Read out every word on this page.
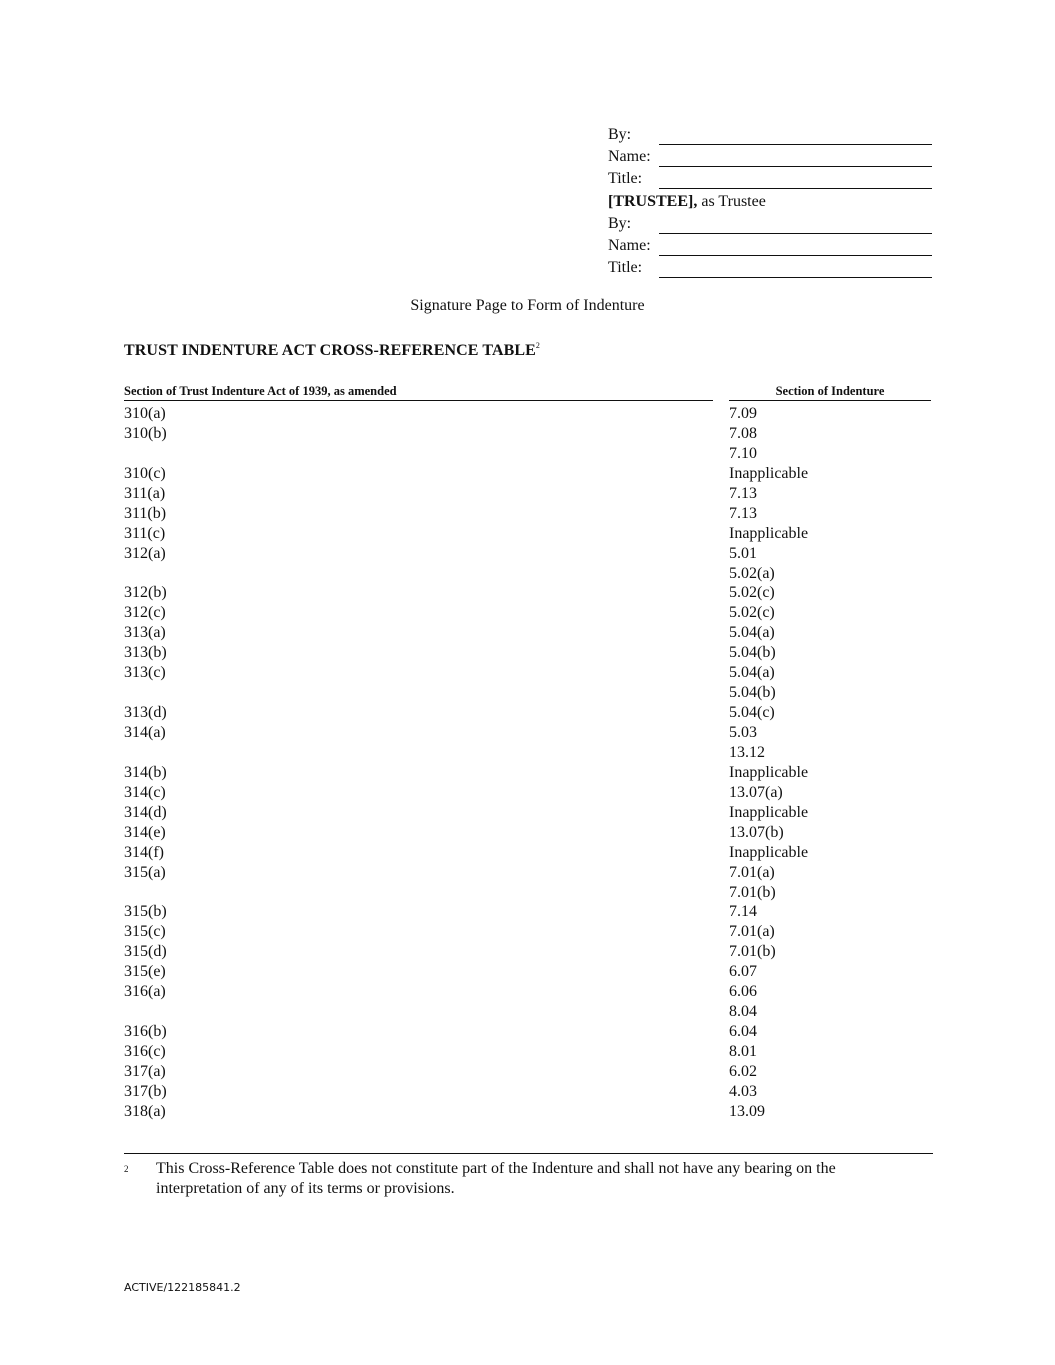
By:
Name:
Title:
[TRUSTEE], as Trustee
By:
Name:
Title:
Signature Page to Form of Indenture
TRUST INDENTURE ACT CROSS-REFERENCE TABLE$^2$
Section of Trust Indenture Act of 1939, as amended	Section of Indenture
310(a)	7.09
310(b)	7.08
7.10
310(c)	Inapplicable
311(a)	7.13
311(b)	7.13
311(c)	Inapplicable
312(a)	5.01
5.02(a)
312(b)	5.02(c)
312(c)	5.02(c)
313(a)	5.04(a)
313(b)	5.04(b)
313(c)	5.04(a)
5.04(b)
313(d)	5.04(c)
314(a)	5.03
13.12
314(b)	Inapplicable
314(c)	13.07(a)
314(d)	Inapplicable
314(e)	13.07(b)
314(f)	Inapplicable
315(a)	7.01(a)
7.01(b)
315(b)	7.14
315(c)	7.01(a)
315(d)	7.01(b)
315(e)	6.07
316(a)	6.06
8.04
316(b)	6.04
316(c)	8.01
317(a)	6.02
317(b)	4.03
318(a)	13.09
2 This Cross-Reference Table does not constitute part of the Indenture and shall not have any bearing on the interpretation of any of its terms or provisions.
ACTIVE/122185841.2
